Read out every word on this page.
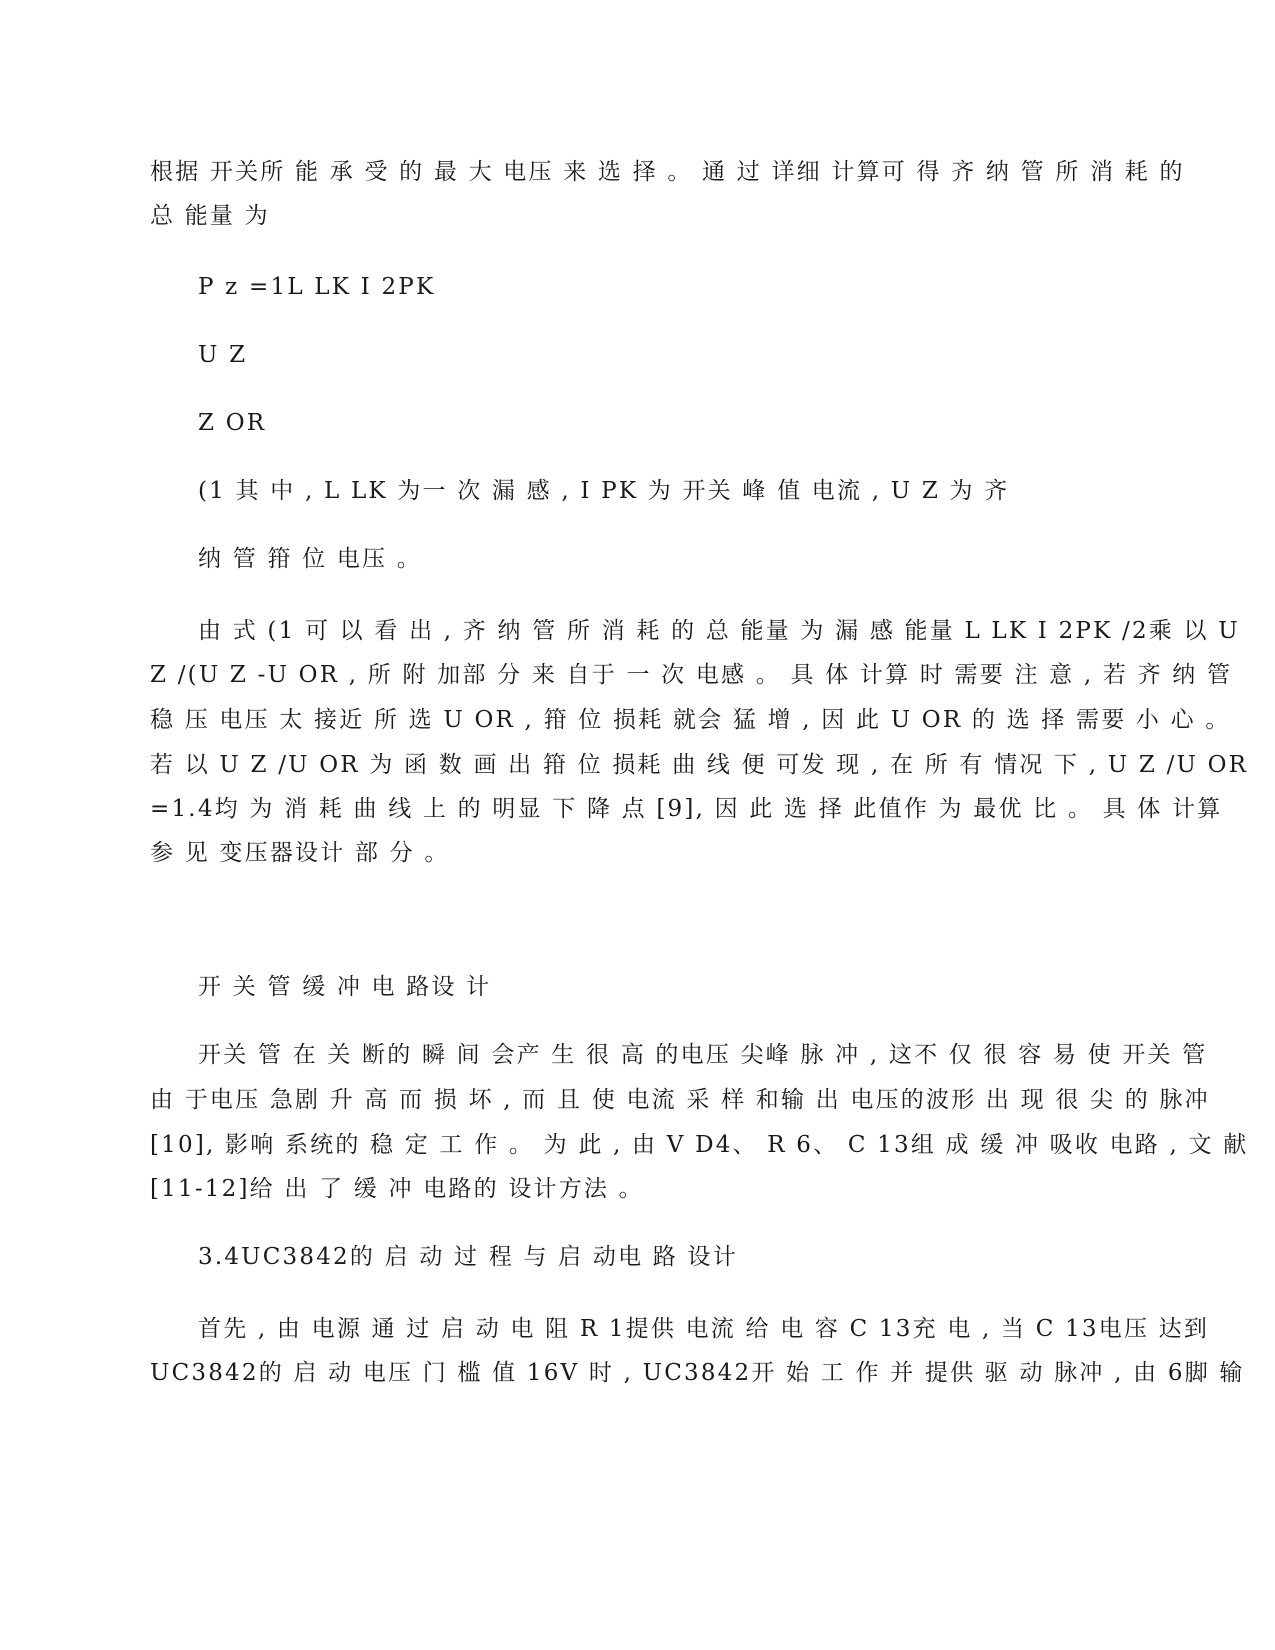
根据 开关所 能 承 受 的 最 大 电压 来 选 择 。 通 过 详细 计算可 得 齐 纳 管 所 消 耗 的
总 能量 为
P z =1L LK I 2PK
U Z
Z OR
(1 其 中 , L LK 为一 次 漏 感 , I PK 为 开关 峰 值 电流 , U Z 为 齐
纳 管 箝 位 电压 。
由 式 (1 可 以 看 出 , 齐 纳 管 所 消 耗 的 总 能量 为 漏 感 能量 L LK I 2PK /2乘 以 U
Z /(U Z -U OR , 所 附 加部 分 来 自于 一 次 电感 。 具 体 计算 时 需要 注 意 , 若 齐 纳 管
稳 压 电压 太 接近 所 选 U OR , 箝 位 损耗 就会 猛 增 , 因 此 U OR 的 选 择 需要 小 心 。
若 以 U Z /U OR 为 函 数 画 出 箝 位 损耗 曲 线 便 可发 现 , 在 所 有 情况 下 , U Z /U OR
=1.4均 为 消 耗 曲 线 上 的 明显 下 降 点 [9], 因 此 选 择 此值作 为 最优 比 。 具 体 计算
参 见 变压器设计 部 分 。
开 关 管 缓 冲 电 路设 计
开关 管 在 关 断的 瞬 间 会产 生 很 高 的电压 尖峰 脉 冲 , 这不 仅 很 容 易 使 开关 管
由 于电压 急剧 升 高 而 损 坏 , 而 且 使 电流 采 样 和输 出 电压的波形 出 现 很 尖 的 脉冲
[10], 影响 系统的 稳 定 工 作 。 为 此 , 由 V D4、 R 6、 C 13组 成 缓 冲 吸收 电路 , 文 献
[11-12]给 出 了 缓 冲 电路的 设计方法 。
3.4UC3842的 启 动 过 程 与 启 动电 路 设计
首先 , 由 电源 通 过 启 动 电 阻 R 1提供 电流 给 电 容 C 13充 电 , 当 C 13电压 达到
UC3842的 启 动 电压 门 槛 值 16V 时 , UC3842开 始 工 作 并 提供 驱 动 脉冲 , 由 6脚 输
